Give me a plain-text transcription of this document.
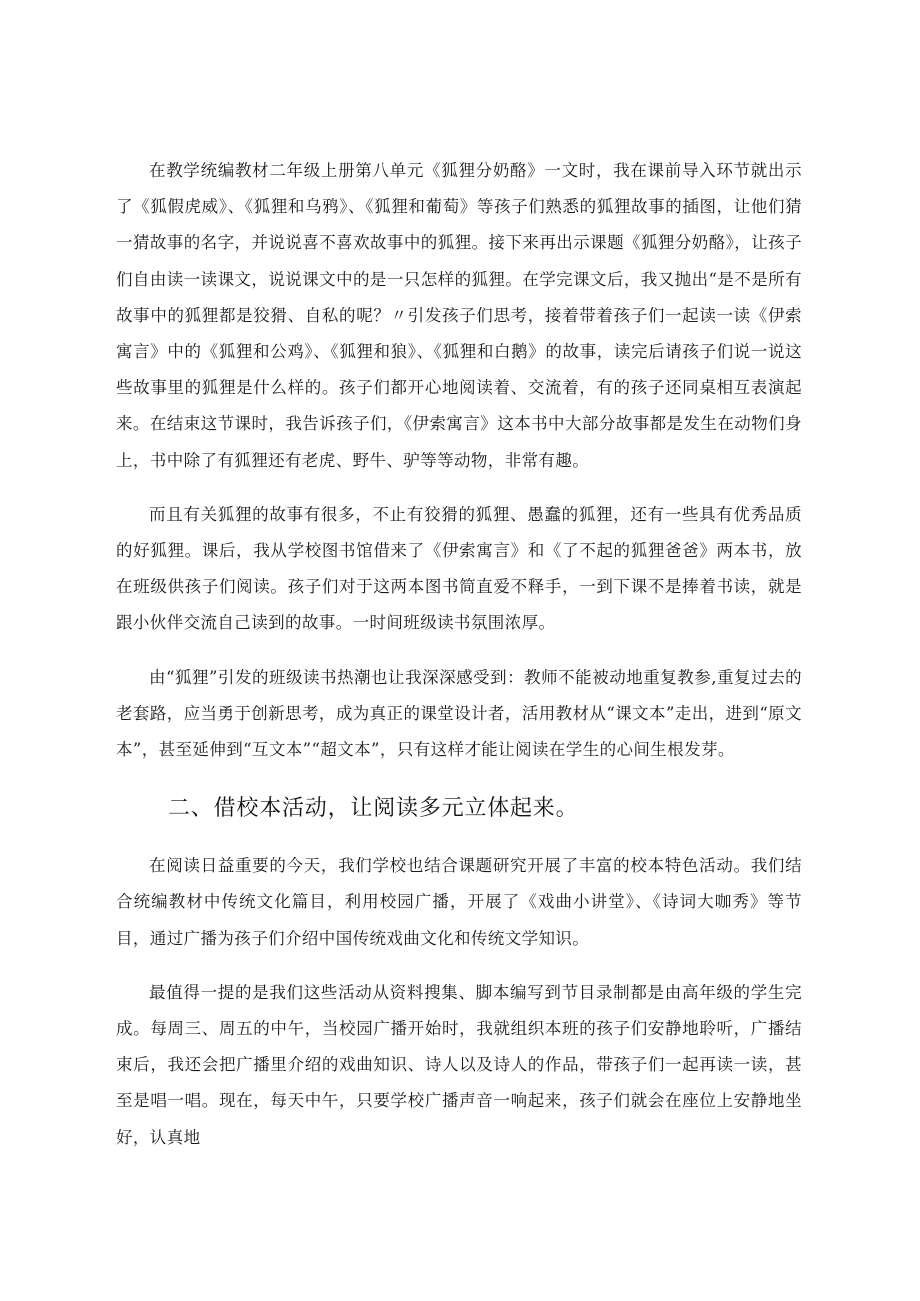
在教学统编教材二年级上册第八单元《狐狸分奶酪》一文时，我在课前导入环节就出示了《狐假虎威》、《狐狸和乌鸦》、《狐狸和葡萄》等孩子们熟悉的狐狸故事的插图，让他们猜一猜故事的名字，并说说喜不喜欢故事中的狐狸。接下来再出示课题《狐狸分奶酪》，让孩子们自由读一读课文，说说课文中的是一只怎样的狐狸。在学完课文后，我又抛出“是不是所有故事中的狐狸都是狡猾、自私的呢？〃引发孩子们思考，接着带着孩子们一起读一读《伊索寓言》中的《狐狸和公鸡》、《狐狸和狼》、《狐狸和白鹅》的故事，读完后请孩子们说一说这些故事里的狐狸是什么样的。孩子们都开心地阅读着、交流着，有的孩子还同桌相互表演起来。在结束这节课时，我告诉孩子们，《伊索寓言》这本书中大部分故事都是发生在动物们身上，书中除了有狐狸还有老虎、野牛、驴等等动物，非常有趣。

而且有关狐狸的故事有很多，不止有狡猾的狐狸、愚蠢的狐狸，还有一些具有优秀品质的好狐狸。课后，我从学校图书馆借来了《伊索寓言》和《了不起的狐狸爸爸》两本书，放在班级供孩子们阅读。孩子们对于这两本图书简直爱不释手，一到下课不是捧着书读，就是跟小伙伴交流自己读到的故事。一时间班级读书氛围浓厚。

由“狐狸”引发的班级读书热潮也让我深深感受到：教师不能被动地重复教参,重复过去的老套路，应当勇于创新思考，成为真正的课堂设计者，活用教材从“课文本”走出，进到“原文本”，甚至延伸到“互文本”“超文本”，只有这样才能让阅读在学生的心间生根发芽。

二、借校本活动，让阅读多元立体起来。

在阅读日益重要的今天，我们学校也结合课题研究开展了丰富的校本特色活动。我们结合统编教材中传统文化篇目，利用校园广播，开展了《戏曲小讲堂》、《诗词大咖秀》等节目，通过广播为孩子们介绍中国传统戏曲文化和传统文学知识。

最值得一提的是我们这些活动从资料搜集、脚本编写到节目录制都是由高年级的学生完成。每周三、周五的中午，当校园广播开始时，我就组织本班的孩子们安静地聆听，广播结束后，我还会把广播里介绍的戏曲知识、诗人以及诗人的作品，带孩子们一起再读一读，甚至是唱一唱。现在，每天中午，只要学校广播声音一响起来，孩子们就会在座位上安静地坐好，认真地
